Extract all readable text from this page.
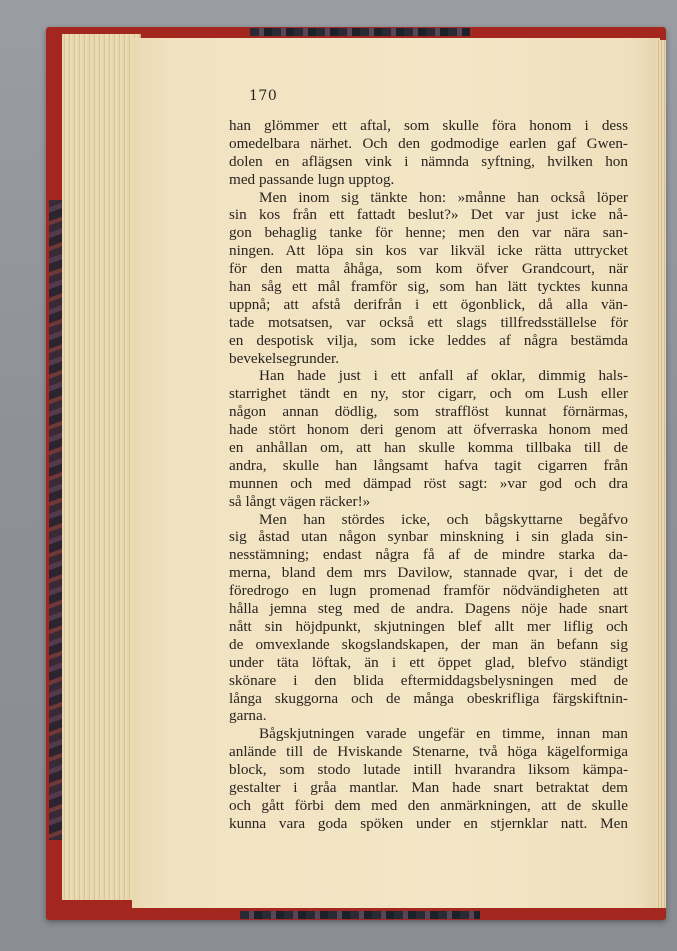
170
han glömmer ett aftal, som skulle föra honom i dess
omedelbara närhet. Och den godmodige earlen gaf Gwen-
dolen en aflägsen vink i nämnda syftning, hvilken hon
med passande lugn upptog.
Men inom sig tänkte hon: »månne han också löper
sin kos från ett fattadt beslut?» Det var just icke nå-
gon behaglig tanke för henne; men den var nära san-
ningen. Att löpa sin kos var likväl icke rätta uttrycket
för den matta åhåga, som kom öfver Grandcourt, när
han såg ett mål framför sig, som han lätt tycktes kunna
uppnå; att afstå derifrån i ett ögonblick, då alla vän-
tade motsatsen, var också ett slags tillfredsställelse för
en despotisk vilja, som icke leddes af några bestämda
bevekelsegrunder.
Han hade just i ett anfall af oklar, dimmig hals-
starrighet tändt en ny, stor cigarr, och om Lush eller
någon annan dödlig, som strafflöst kunnat förnärmas,
hade stört honom deri genom att öfverraska honom med
en anhållan om, att han skulle komma tillbaka till de
andra, skulle han långsamt hafva tagit cigarren från
munnen och med dämpad röst sagt: »var god och dra
så långt vägen räcker!»
Men han stördes icke, och bågskyttarne begåfvo
sig åstad utan någon synbar minskning i sin glada sin-
nesstämning; endast några få af de mindre starka da-
merna, bland dem mrs Davilow, stannade qvar, i det de
föredrogo en lugn promenad framför nödvändigheten att
hålla jemna steg med de andra. Dagens nöje hade snart
nått sin höjdpunkt, skjutningen blef allt mer liflig och
de omvexlande skogslandskapen, der man än befann sig
under täta löftak, än i ett öppet glad, blefvo ständigt
skönare i den blida eftermiddagsbelysningen med de
långa skuggorna och de många obeskrifliga färgskiftnin-
garna.
Bågskjutningen varade ungefär en timme, innan man
anlände till de Hviskande Stenarne, två höga kägelformiga
block, som stodo lutade intill hvarandra liksom kämpa-
gestalter i gråa mantlar. Man hade snart betraktat dem
och gått förbi dem med den anmärkningen, att de skulle
kunna vara goda spöken under en stjernklar natt. Men
